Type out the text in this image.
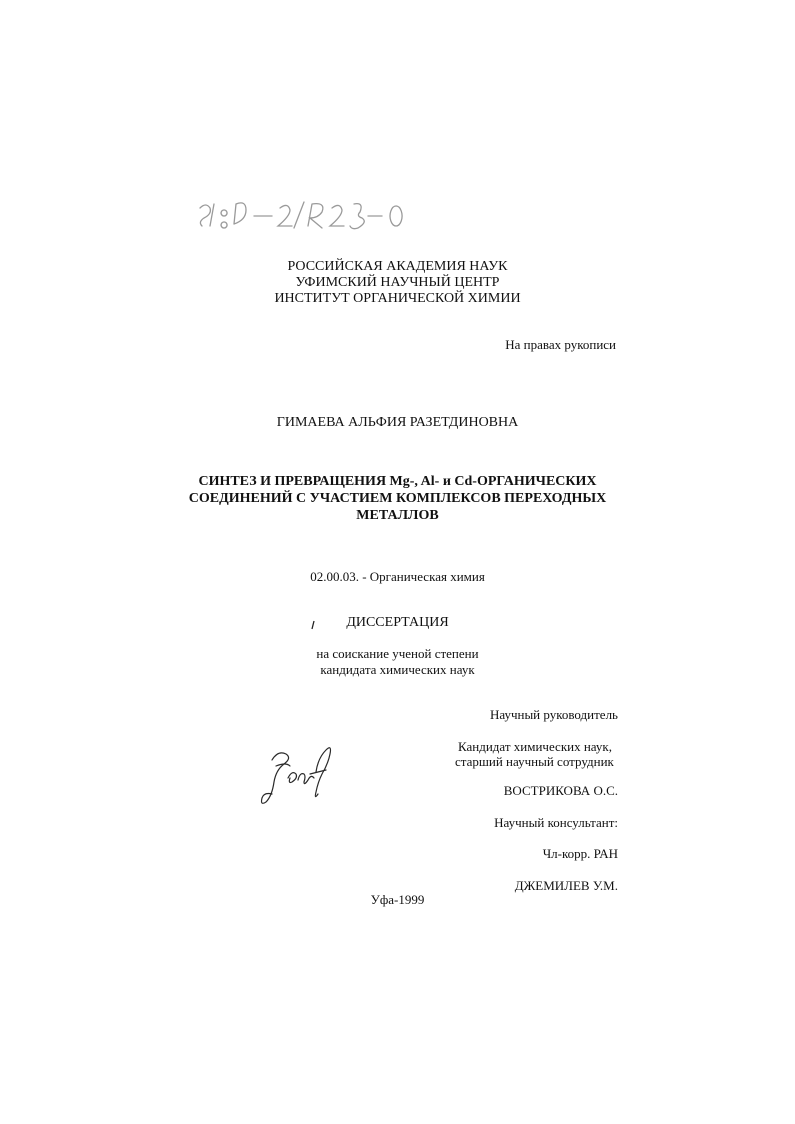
РОССИЙСКАЯ АКАДЕМИЯ НАУК
УФИМСКИЙ НАУЧНЫЙ ЦЕНТР
ИНСТИТУТ ОРГАНИЧЕСКОЙ ХИМИИ
На правах рукописи
ГИМАЕВА АЛЬФИЯ РАЗЕТДИНОВНА
СИНТЕЗ И ПРЕВРАЩЕНИЯ Mg-, Al- и Cd-ОРГАНИЧЕСКИХ
СОЕДИНЕНИЙ С УЧАСТИЕМ КОМПЛЕКСОВ ПЕРЕХОДНЫХ
МЕТАЛЛОВ
02.00.03. - Органическая химия
ДИССЕРТАЦИЯ
на соискание ученой степени
кандидата химических наук
Научный руководитель
Кандидат химических наук,
старший научный сотрудник
ВОСТРИКОВА О.С.
Научный консультант:
Чл-корр. РАН
ДЖЕМИЛЕВ У.М.
Уфа-1999
